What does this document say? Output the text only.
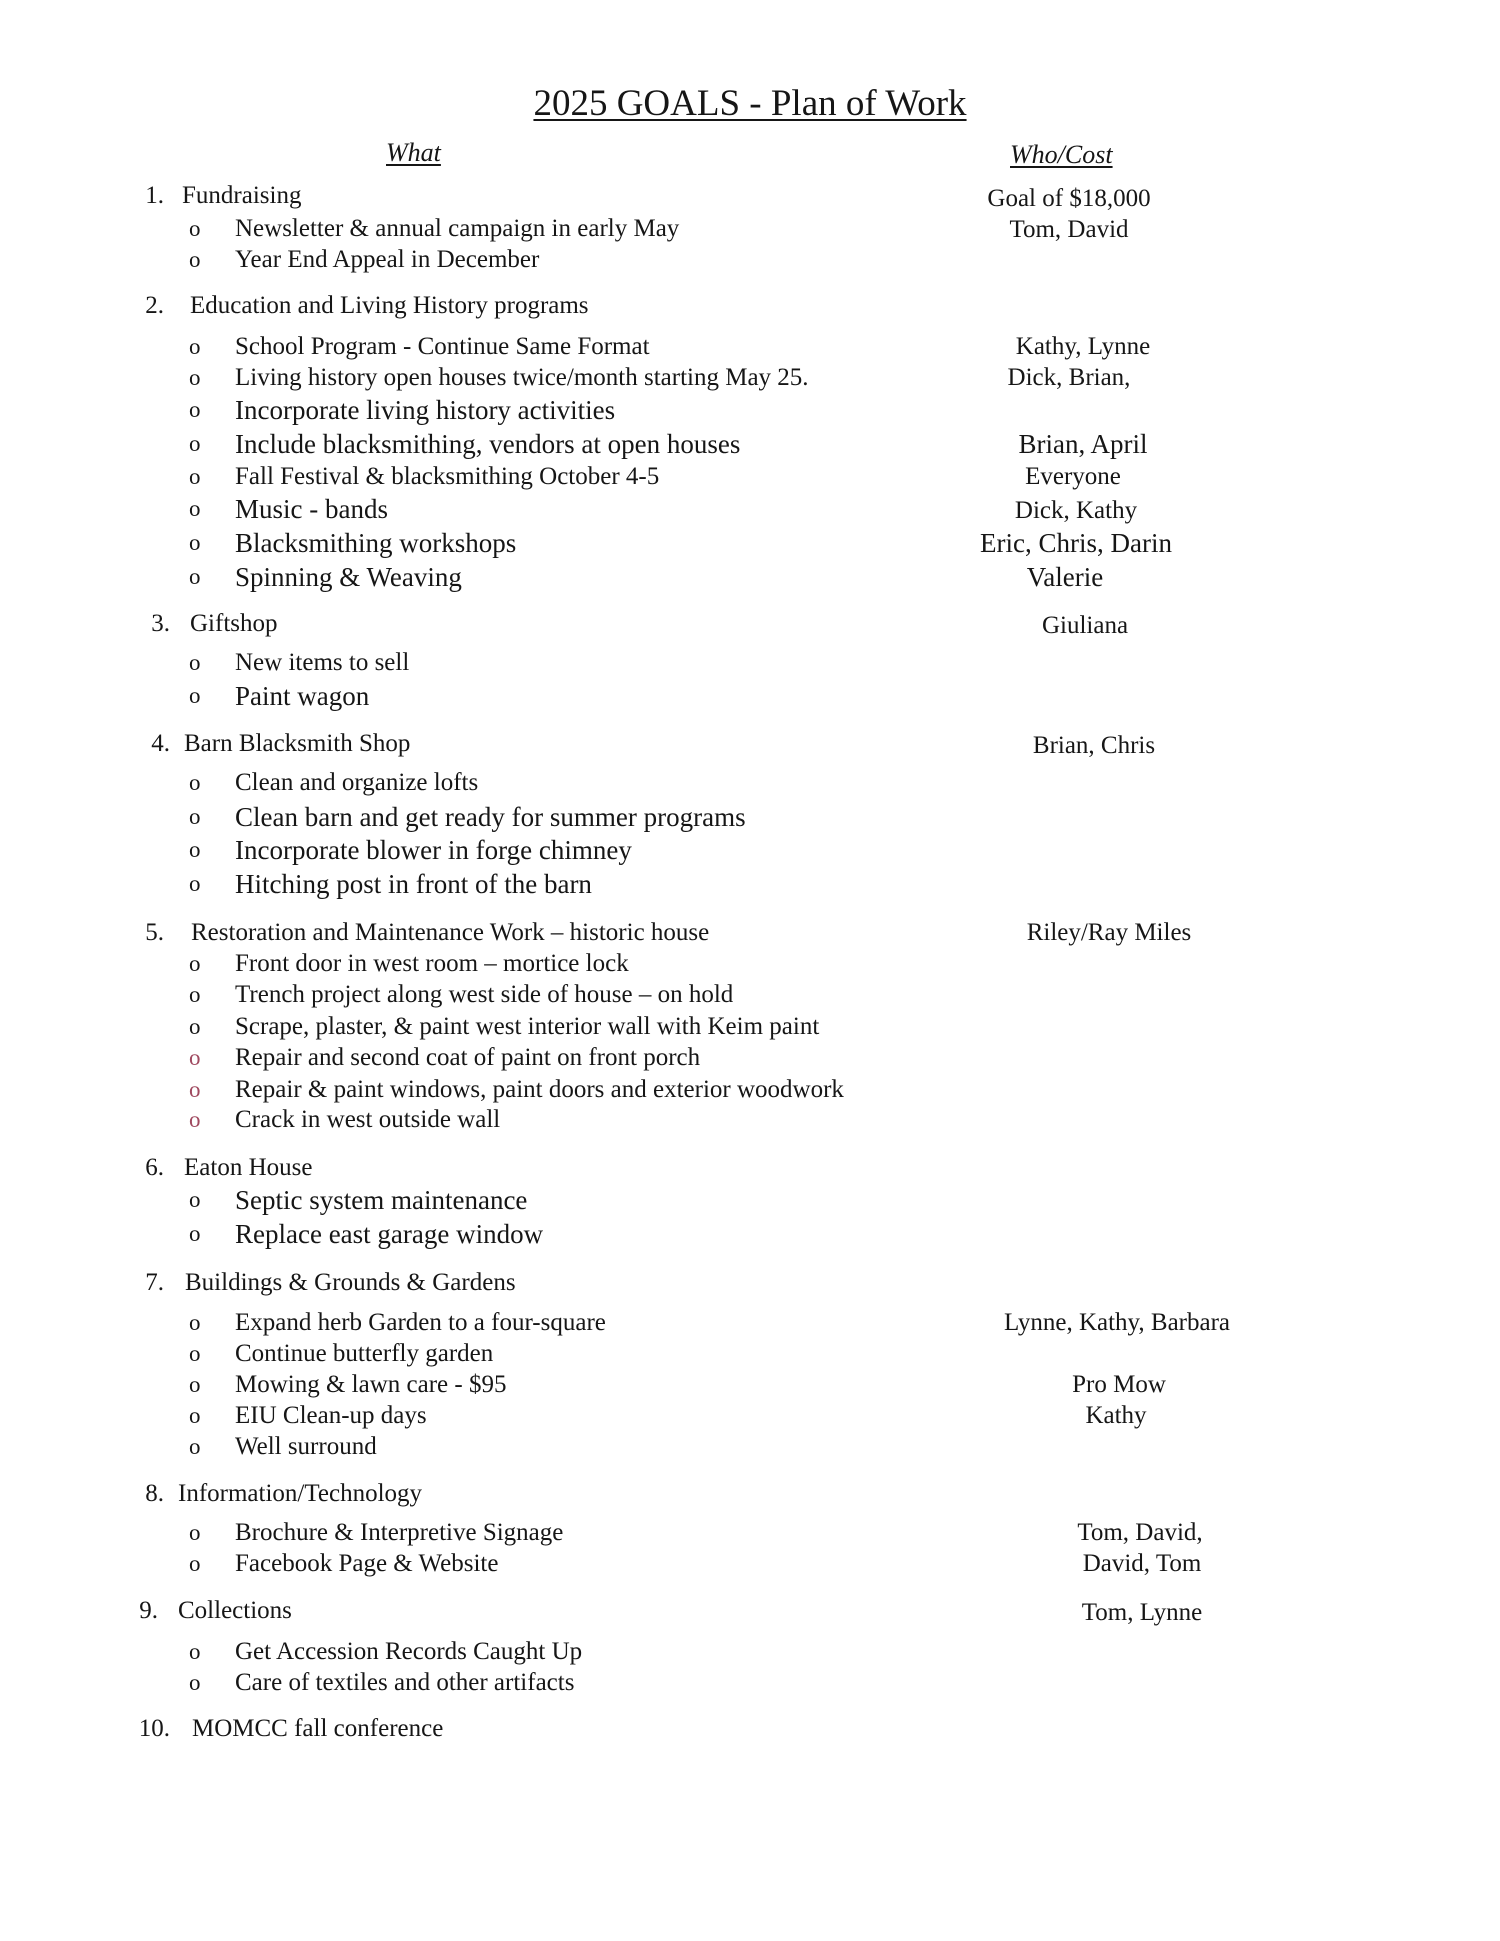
2025 GOALS - Plan of Work
What	Who/Cost
1. Fundraising	Goal of $18,000
o Newsletter & annual campaign in early May	Tom, David
o Year End Appeal in December
2. Education and Living History programs
o School Program - Continue Same Format	Kathy, Lynne
o Living history open houses twice/month starting May 25.	Dick, Brian,
o Incorporate living history activities
o Include blacksmithing, vendors at open houses	Brian, April
o Fall Festival & blacksmithing October 4-5	Everyone
o Music - bands	Dick, Kathy
o Blacksmithing workshops	Eric, Chris, Darin
o Spinning & Weaving	Valerie
3. Giftshop	Giuliana
o New items to sell
o Paint wagon
4. Barn Blacksmith Shop	Brian, Chris
o Clean and organize lofts
o Clean barn and get ready for summer programs
o Incorporate blower in forge chimney
o Hitching post in front of the barn
5. Restoration and Maintenance Work – historic house	Riley/Ray Miles
o Front door in west room – mortice lock
o Trench project along west side of house – on hold
o Scrape, plaster, & paint west interior wall with Keim paint
o Repair and second coat of paint on front porch
o Repair & paint windows, paint doors and exterior woodwork
o Crack in west outside wall
6. Eaton House
o Septic system maintenance
o Replace east garage window
7. Buildings & Grounds & Gardens
o Expand herb Garden to a four-square	Lynne, Kathy, Barbara
o Continue butterfly garden
o Mowing & lawn care - $95	Pro Mow
o EIU Clean-up days	Kathy
o Well surround
8. Information/Technology
o Brochure & Interpretive Signage	Tom, David,
o Facebook Page & Website	David, Tom
9. Collections	Tom, Lynne
o Get Accession Records Caught Up
o Care of textiles and other artifacts
10. MOMCC fall conference
